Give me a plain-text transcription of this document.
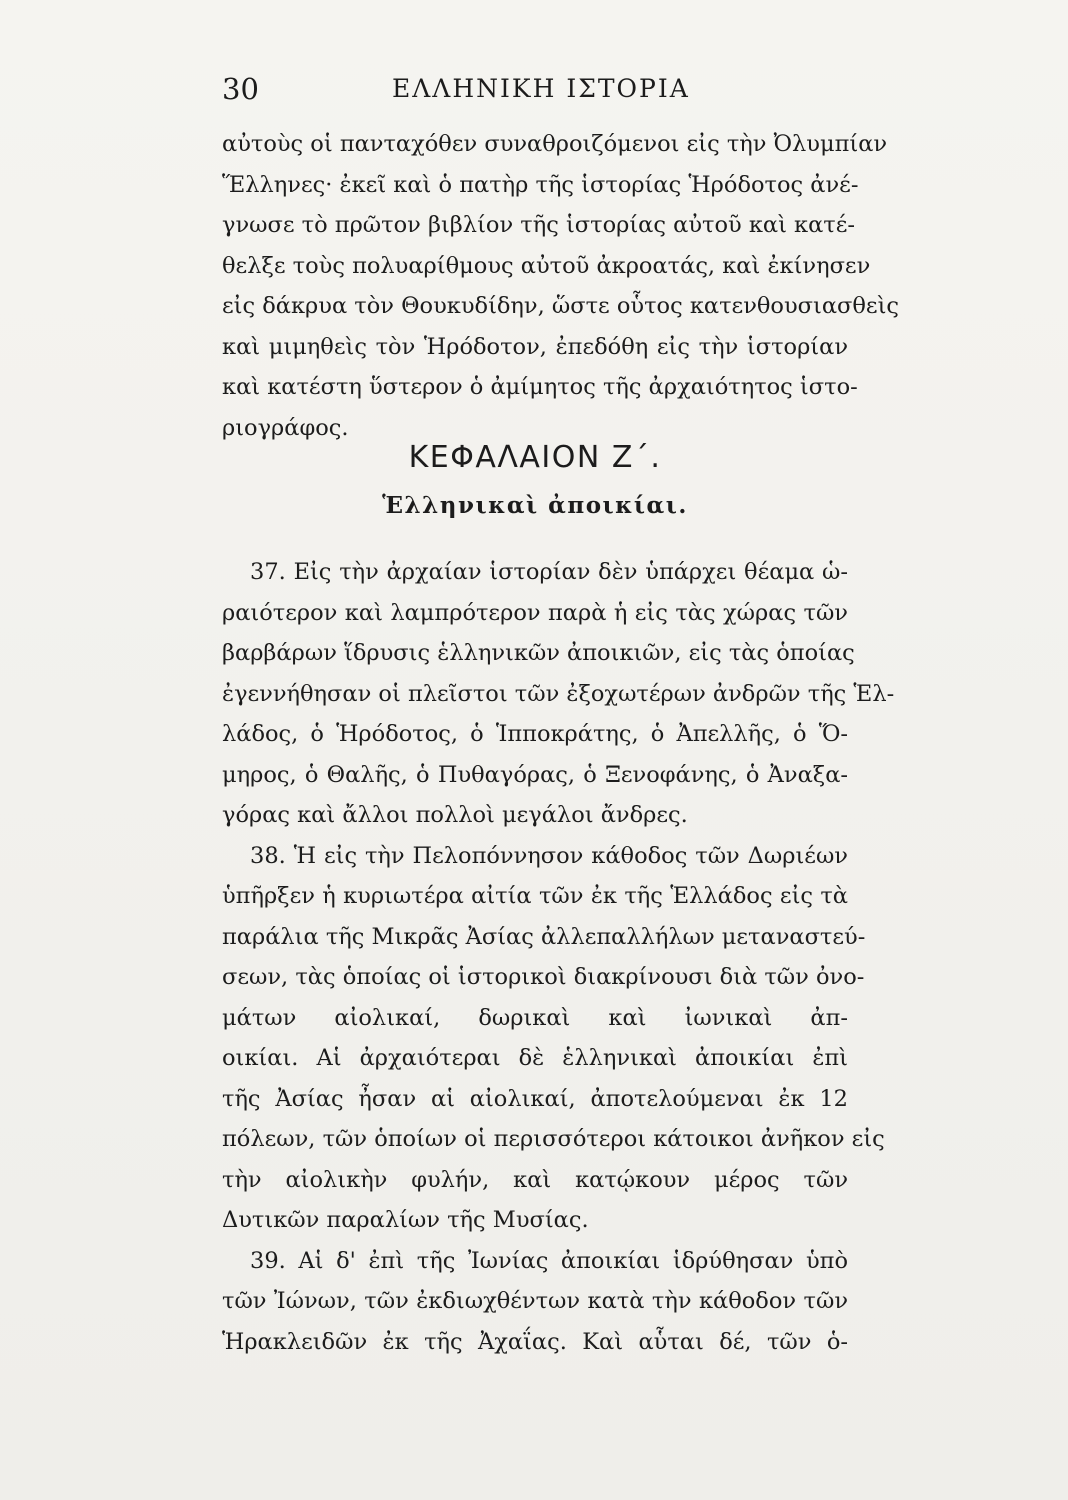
30	ΕΛΛΗΝΙΚΗ ΙΣΤΟΡΙΑ
αὐτοὺς οἱ πανταχόθεν συναθροιζόμενοι εἰς τὴν Ὀλυμπίαν
Ἕλληνες· ἐκεῖ καὶ ὁ πατὴρ τῆς ἱστορίας Ἡρόδοτος ἀνέ-
γνωσε τὸ πρῶτον βιβλίον τῆς ἱστορίας αὐτοῦ καὶ κατέ-
θελξε τοὺς πολυαρίθμους αὐτοῦ ἀκροατάς, καὶ ἐκίνησεν
εἰς δάκρυα τὸν Θουκυδίδην, ὥστε οὗτος κατενθουσιασθεὶς
καὶ μιμηθεὶς τὸν Ἡρόδοτον, ἐπεδόθη εἰς τὴν ἱστορίαν
καὶ κατέστη ὕστερον ὁ ἀμίμητος τῆς ἀρχαιότητος ἱστο-
ριογράφος.
ΚΕΦΑΛΑΙΟΝ Ζ΄.
Ἑλληνικαὶ ἀποικίαι.
37. Εἰς τὴν ἀρχαίαν ἱστορίαν δὲν ὑπάρχει θέαμα ὡ-
ραιότερον καὶ λαμπρότερον παρὰ ἡ εἰς τὰς χώρας τῶν
βαρβάρων ἵδρυσις ἑλληνικῶν ἀποικιῶν, εἰς τὰς ὁποίας
ἐγεννήθησαν οἱ πλεῖστοι τῶν ἐξοχωτέρων ἀνδρῶν τῆς Ἑλ-
λάδος, ὁ Ἡρόδοτος, ὁ Ἱπποκράτης, ὁ Ἀπελλῆς, ὁ Ὅ-
μηρος, ὁ Θαλῆς, ὁ Πυθαγόρας, ὁ Ξενοφάνης, ὁ Ἀναξα-
γόρας καὶ ἄλλοι πολλοὶ μεγάλοι ἄνδρες.
38. Ἡ εἰς τὴν Πελοπόννησον κάθοδος τῶν Δωριέων
ὑπῆρξεν ἡ κυριωτέρα αἰτία τῶν ἐκ τῆς Ἑλλάδος εἰς τὰ
παράλια τῆς Μικρᾶς Ἀσίας ἀλλεπαλλήλων μεταναστεύ-
σεων, τὰς ὁποίας οἱ ἱστορικοὶ διακρίνουσι διὰ τῶν ὀνο-
μάτων αἰολικαί, δωρικαὶ καὶ ἰωνικαὶ ἀπ-
οικίαι. Αἱ ἀρχαιότεραι δὲ ἑλληνικαὶ ἀποικίαι ἐπὶ
τῆς Ἀσίας ἦσαν αἱ αἰολικαί, ἀποτελούμεναι ἐκ 12
πόλεων, τῶν ὁποίων οἱ περισσότεροι κάτοικοι ἀνῆκον εἰς
τὴν αἰολικὴν φυλήν, καὶ κατῴκουν μέρος τῶν
Δυτικῶν παραλίων τῆς Μυσίας.
39. Αἱ δ' ἐπὶ τῆς Ἰωνίας ἀποικίαι ἱδρύθησαν ὑπὸ
τῶν Ἰώνων, τῶν ἐκδιωχθέντων κατὰ τὴν κάθοδον τῶν
Ἡρακλειδῶν ἐκ τῆς Ἀχαΐας. Καὶ αὗται δέ, τῶν ὁ-
